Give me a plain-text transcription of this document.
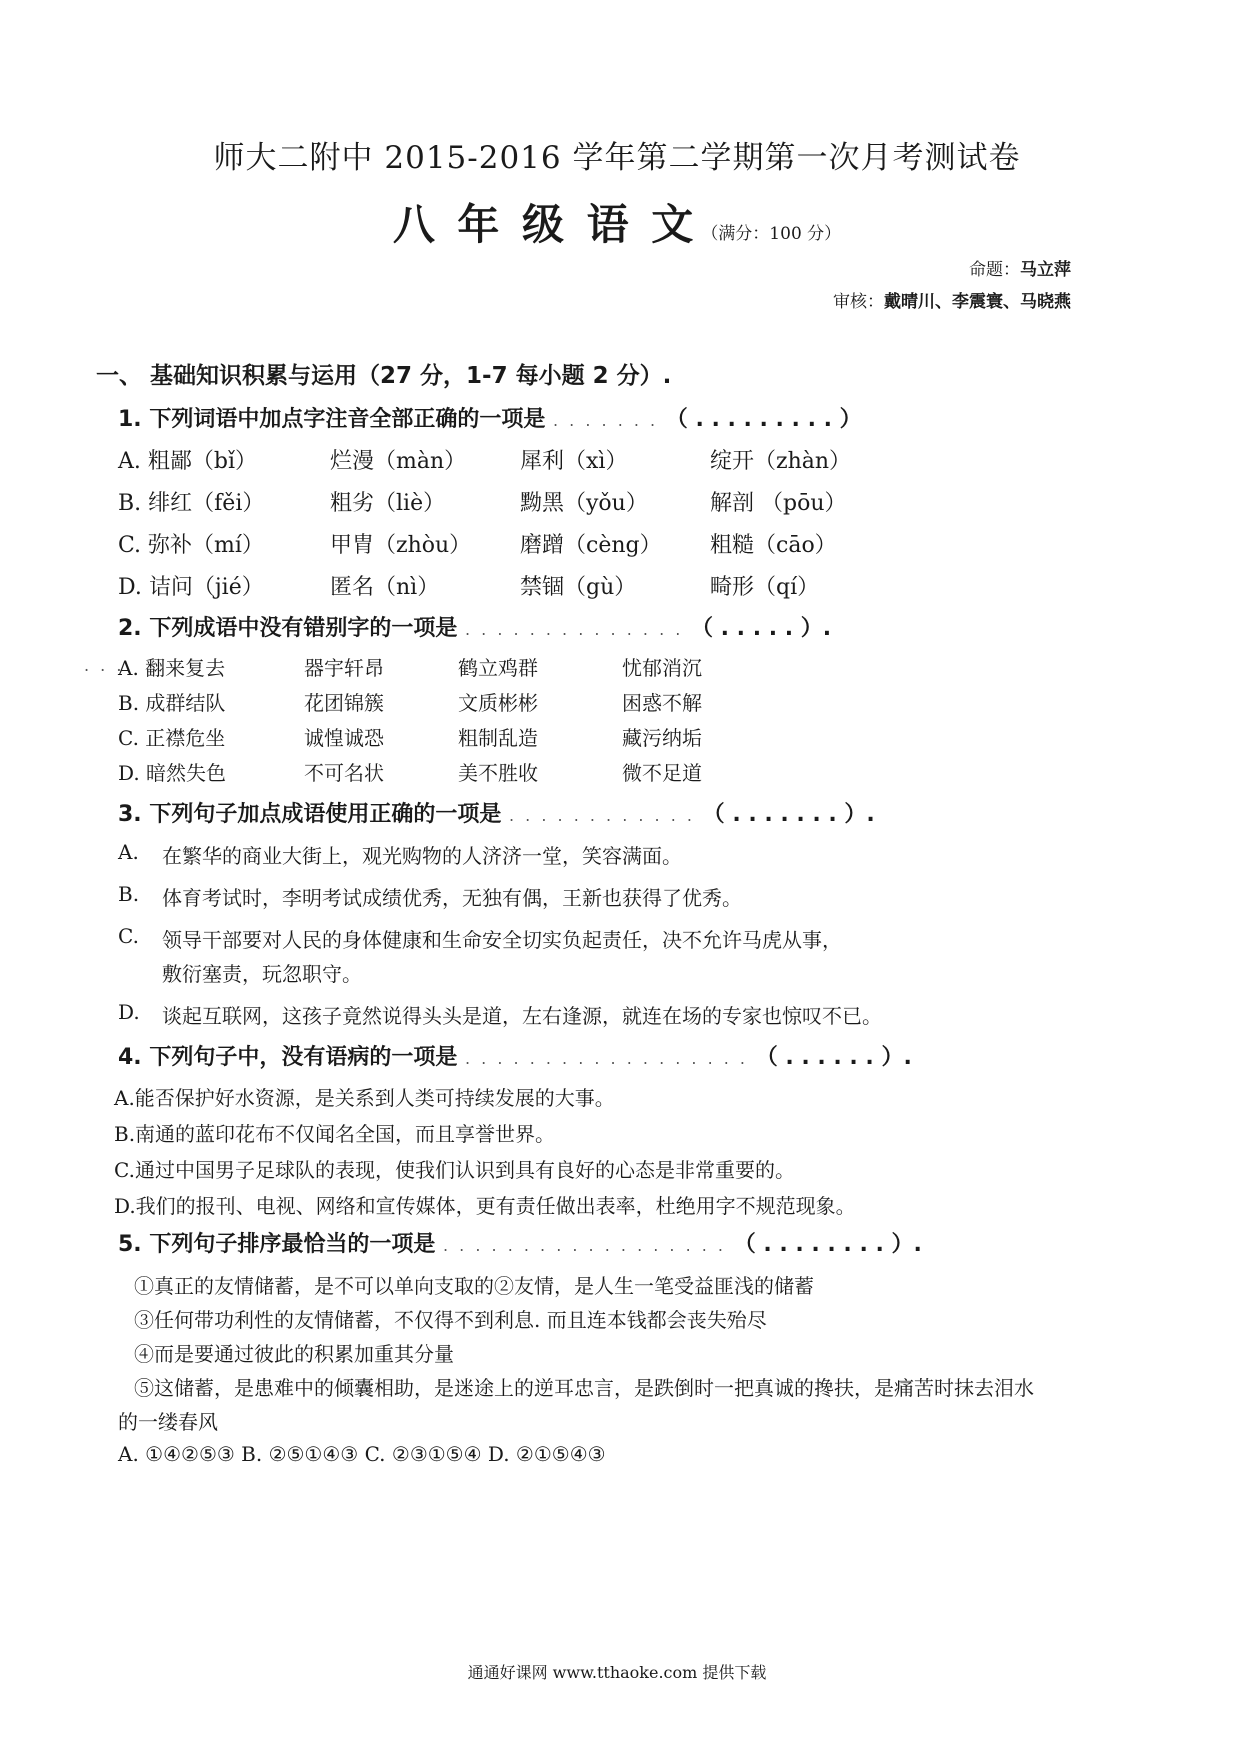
师大二附中 2015-2016 学年第二学期第一次月考测试卷
八 年 级 语 文 （满分：100 分）
命题：马立萍
审核：戴晴川、李震寰、马晓燕
一、 基础知识积累与运用（27 分，1-7 每小题 2 分）.
1. 下列词语中加点字注音全部正确的一项是 . . . . . . . （ . . . . . . . . . ）
A. 粗鄙（bǐ）	烂漫（màn） 犀利（xì）	绽开（zhàn）
B. 绯红（fěi）	粗劣（liè）	黝黑（yǒu）	解剖 （pōu）
C. 弥补（mí）	甲胄（zhòu） 磨蹭（cèng） 粗糙（cāo）
D. 诘问（jié）	匿名（nì）	禁锢（gù）	畸形（qí）
2. 下列成语中没有错别字的一项是 . . . . . . . . . . . . . . （ . . . . . ）.
. . .
A. 翻来复去	器宇轩昂	鹤立鸡群	忧郁消沉
B. 成群结队	花团锦簇	文质彬彬	困惑不解
C. 正襟危坐	诚惶诚恐	粗制乱造	藏污纳垢
D. 暗然失色	不可名状	美不胜收	微不足道
3. 下列句子加点成语使用正确的一项是 . . . . . . . . . . . . （ . . . . . . . ）.
A. 在繁华的商业大街上，观光购物的人济济一堂，笑容满面。
B. 体育考试时，李明考试成绩优秀，无独有偶，王新也获得了优秀。
C. 领导干部要对人民的身体健康和生命安全切实负起责任，决不允许马虎从事，
敷衍塞责，玩忽职守。
D. 谈起互联网，这孩子竟然说得头头是道，左右逢源，就连在场的专家也惊叹不已。
4. 下列句子中，没有语病的一项是 . . . . . . . . . . . . . . . . . . （ . . . . . . ）.
A.能否保护好水资源，是关系到人类可持续发展的大事。
B.南通的蓝印花布不仅闻名全国，而且享誉世界。
C.通过中国男子足球队的表现，使我们认识到具有良好的心态是非常重要的。
D.我们的报刊、电视、网络和宣传媒体，更有责任做出表率，杜绝用字不规范现象。
5. 下列句子排序最恰当的一项是 . . . . . . . . . . . . . . . . . . （ . . . . . . . . ）.
①真正的友情储蓄，是不可以单向支取的②友情，是人生一笔受益匪浅的储蓄
③任何带功利性的友情储蓄，不仅得不到利息. 而且连本钱都会丧失殆尽
④而是要通过彼此的积累加重其分量
⑤这储蓄，是患难中的倾囊相助，是迷途上的逆耳忠言，是跌倒时一把真诚的搀扶，是痛苦时抹去泪水
的一缕春风
A. ①④②⑤③ B. ②⑤①④③ C. ②③①⑤④ D. ②①⑤④③
通通好课网 www.tthaoke.com 提供下载
